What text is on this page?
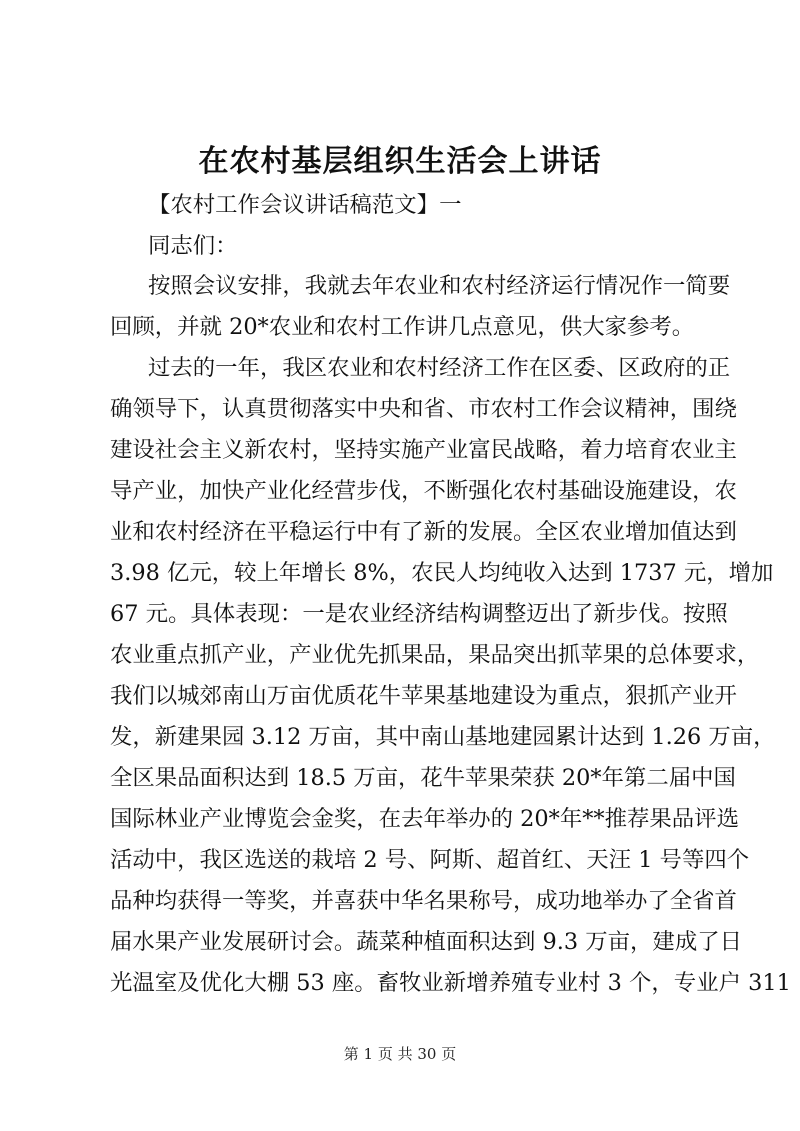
在农村基层组织生活会上讲话
【农村工作会议讲话稿范文】一
同志们：
按照会议安排，我就去年农业和农村经济运行情况作一简要
回顾，并就 20*农业和农村工作讲几点意见，供大家参考。
过去的一年，我区农业和农村经济工作在区委、区政府的正
确领导下，认真贯彻落实中央和省、市农村工作会议精神，围绕
建设社会主义新农村，坚持实施产业富民战略，着力培育农业主
导产业，加快产业化经营步伐，不断强化农村基础设施建设，农
业和农村经济在平稳运行中有了新的发展。全区农业增加值达到
3.98 亿元，较上年增长 8%，农民人均纯收入达到 1737 元，增加
67 元。具体表现：一是农业经济结构调整迈出了新步伐。按照
农业重点抓产业，产业优先抓果品，果品突出抓苹果的总体要求，
我们以城郊南山万亩优质花牛苹果基地建设为重点，狠抓产业开
发，新建果园 3.12 万亩，其中南山基地建园累计达到 1.26 万亩，
全区果品面积达到 18.5 万亩，花牛苹果荣获 20*年第二届中国
国际林业产业博览会金奖，在去年举办的 20*年**推荐果品评选
活动中，我区选送的栽培 2 号、阿斯、超首红、天汪 1 号等四个
品种均获得一等奖，并喜获中华名果称号，成功地举办了全省首
届水果产业发展研讨会。蔬菜种植面积达到 9.3 万亩，建成了日
光温室及优化大棚 53 座。畜牧业新增养殖专业村 3 个，专业户 311
第 1 页 共 30 页
